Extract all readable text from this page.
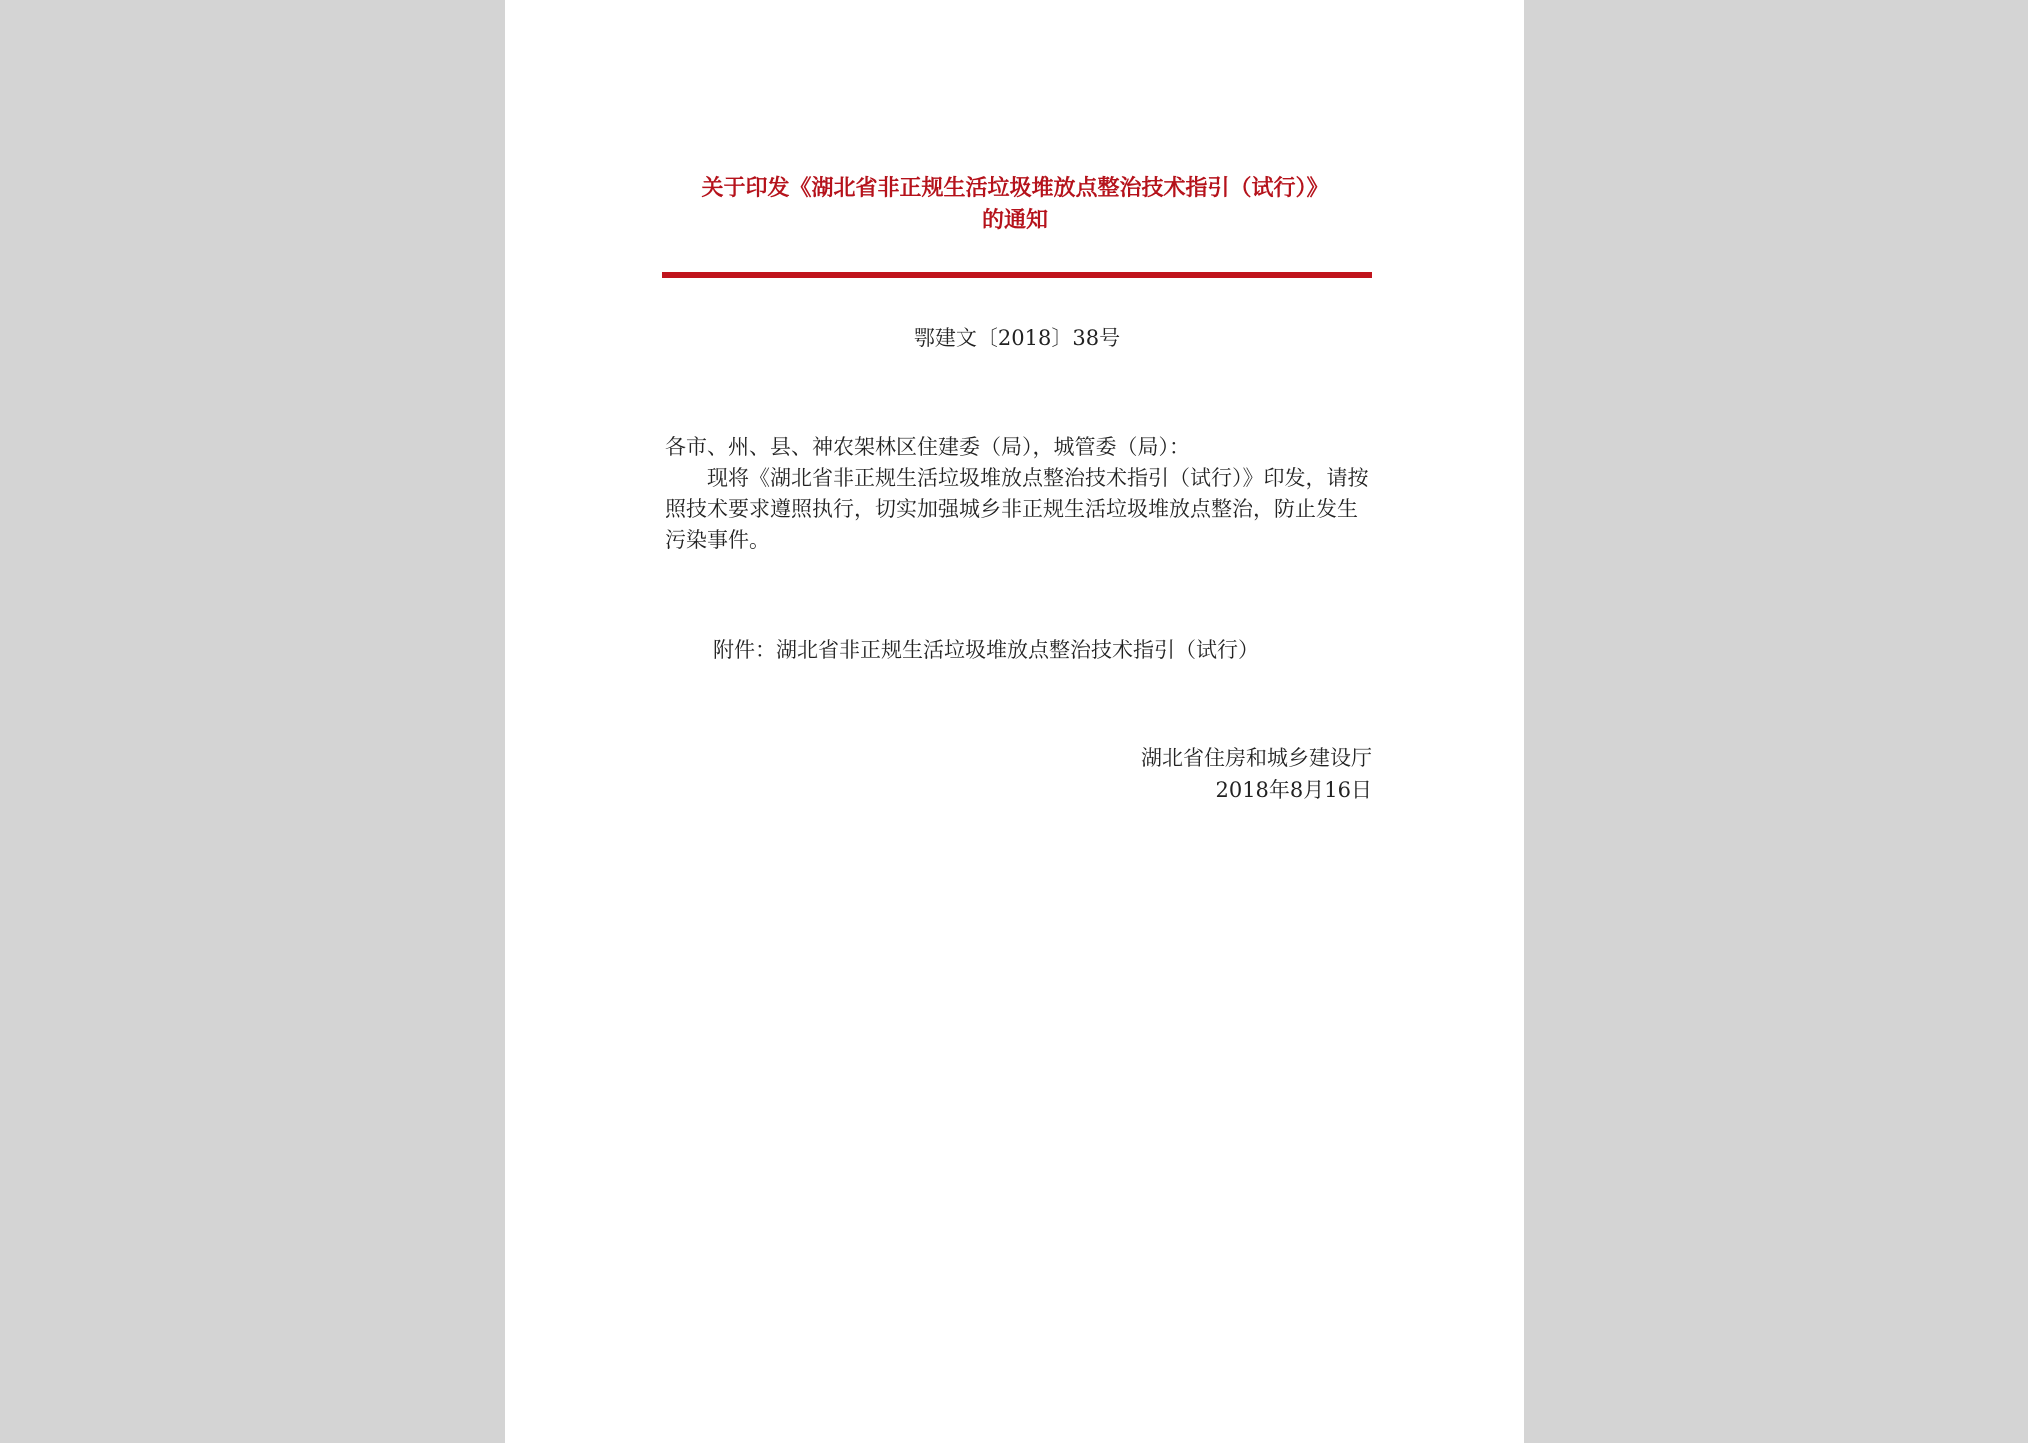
关于印发《湖北省非正规生活垃圾堆放点整治技术指引（试行）》
的通知
鄂建文〔2018〕38号

各市、州、县、神农架林区住建委（局），城管委（局）：

现将《湖北省非正规生活垃圾堆放点整治技术指引（试行）》印发，请按照技术要求遵照执行，切实加强城乡非正规生活垃圾堆放点整治，防止发生污染事件。

附件：湖北省非正规生活垃圾堆放点整治技术指引（试行）
湖北省住房和城乡建设厅
2018年8月16日
